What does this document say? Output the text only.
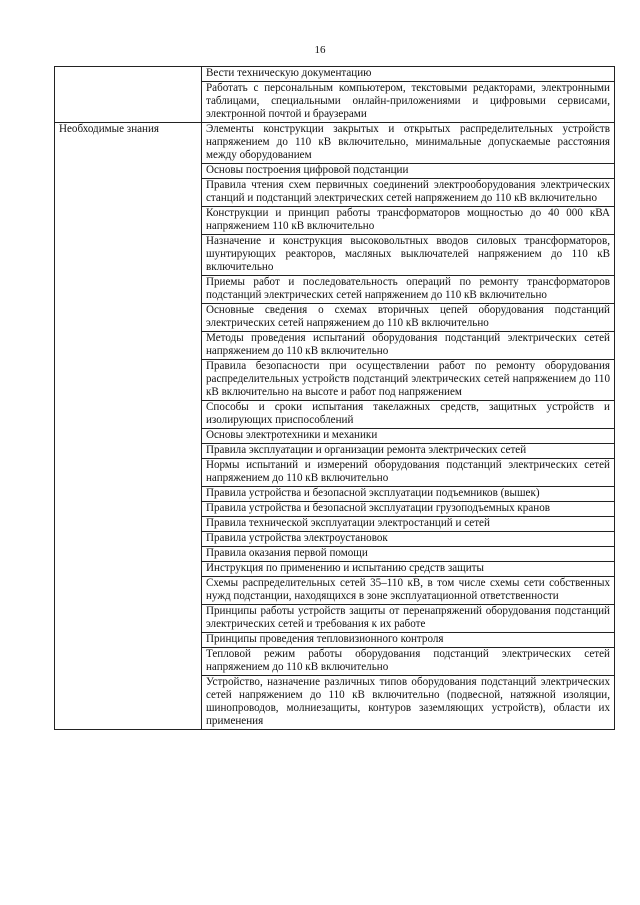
16
	Вести техническую документацию
	Работать с персональным компьютером, текстовыми редакторами, электронными таблицами, специальными онлайн-приложениями и цифровыми сервисами, электронной почтой и браузерами
Необходимые знания	Элементы конструкции закрытых и открытых распределительных устройств напряжением до 110 кВ включительно, минимальные допускаемые расстояния между оборудованием
	Основы построения цифровой подстанции
	Правила чтения схем первичных соединений электрооборудования электрических станций и подстанций электрических сетей напряжением до 110 кВ включительно
	Конструкции и принцип работы трансформаторов мощностью до 40 000 кВА напряжением 110 кВ включительно
	Назначение и конструкция высоковольтных вводов силовых трансформаторов, шунтирующих реакторов, масляных выключателей напряжением до 110 кВ включительно
	Приемы работ и последовательность операций по ремонту трансформаторов подстанций электрических сетей напряжением до 110 кВ включительно
	Основные сведения о схемах вторичных цепей оборудования подстанций электрических сетей напряжением до 110 кВ включительно
	Методы проведения испытаний оборудования подстанций электрических сетей напряжением до 110 кВ включительно
	Правила безопасности при осуществлении работ по ремонту оборудования распределительных устройств подстанций электрических сетей напряжением до 110 кВ включительно на высоте и работ под напряжением
	Способы и сроки испытания такелажных средств, защитных устройств и изолирующих приспособлений
	Основы электротехники и механики
	Правила эксплуатации и организации ремонта электрических сетей
	Нормы испытаний и измерений оборудования подстанций электрических сетей напряжением до 110 кВ включительно
	Правила устройства и безопасной эксплуатации подъемников (вышек)
	Правила устройства и безопасной эксплуатации грузоподъемных кранов
	Правила технической эксплуатации электростанций и сетей
	Правила устройства электроустановок
	Правила оказания первой помощи
	Инструкция по применению и испытанию средств защиты
	Схемы распределительных сетей 35–110 кВ, в том числе схемы сети собственных нужд подстанции, находящихся в зоне эксплуатационной ответственности
	Принципы работы устройств защиты от перенапряжений оборудования подстанций электрических сетей и требования к их работе
	Принципы проведения тепловизионного контроля
	Тепловой режим работы оборудования подстанций электрических сетей напряжением до 110 кВ включительно
	Устройство, назначение различных типов оборудования подстанций электрических сетей напряжением до 110 кВ включительно (подвесной, натяжной изоляции, шинопроводов, молниезащиты, контуров заземляющих устройств), области их применения
